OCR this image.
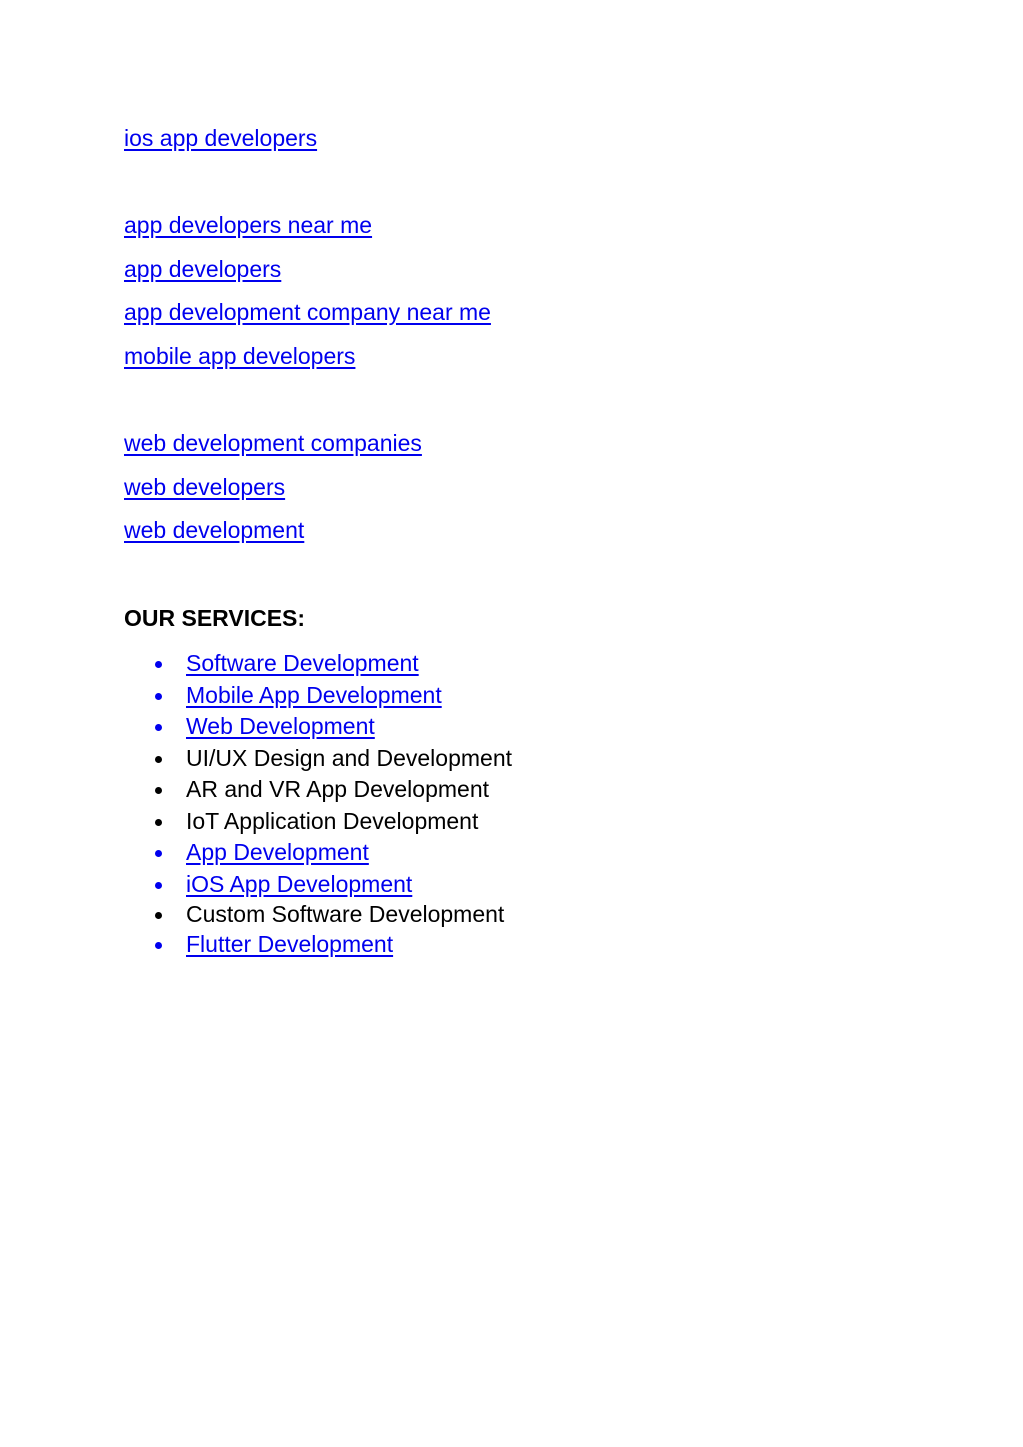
ios app developers
app developers near me
app developers
app development company near me
mobile app developers
web development companies
web developers
web development
OUR SERVICES:
Software Development
Mobile App Development
Web Development
UI/UX Design and Development
AR and VR App Development
IoT Application Development
App Development
iOS App Development
Custom Software Development
Flutter Development
